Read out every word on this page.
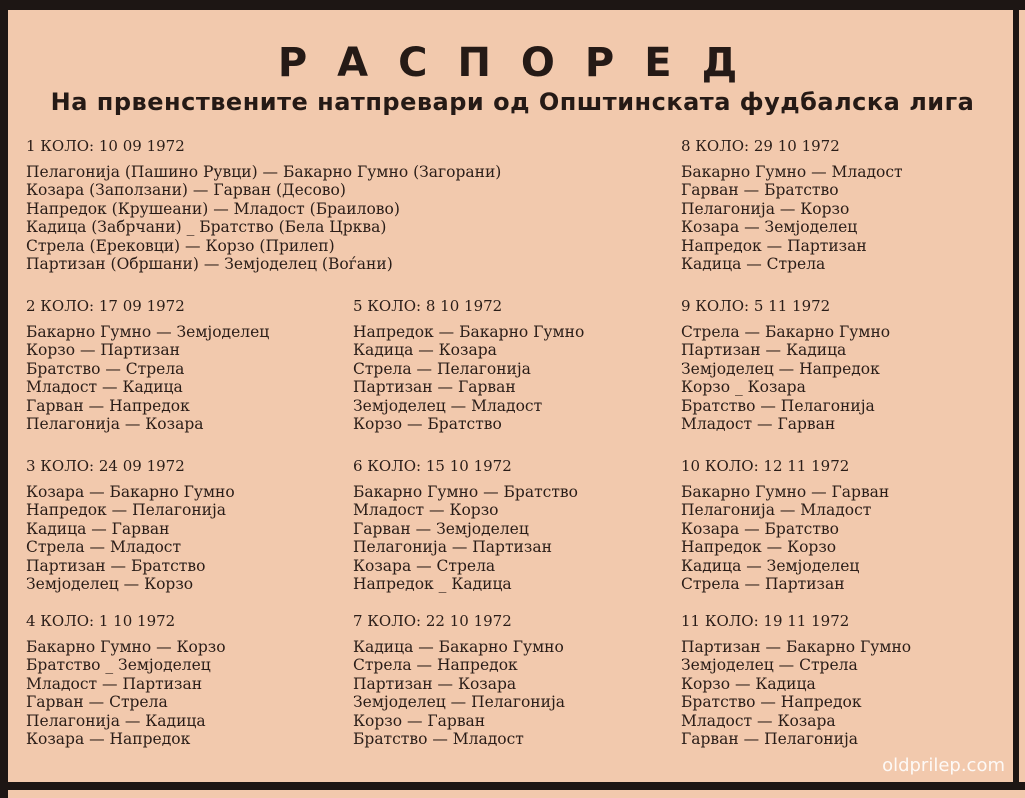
РАСПОРЕД
На првенствените натпревари од Општинската фудбалска лига
1 КОЛО: 10 09 1972
Пелагонија (Пашино Рувци) — Бакарно Гумно (Загорани)
Козара (Заползани) — Гарван (Десово)
Напредок (Крушеани) — Младост (Браилово)
Кадица (Забрчани) _ Братство (Бела Црква)
Стрела (Ерековци) — Корзо (Прилеп)
Партизан (Обршани) — Земјоделец (Воѓани)
2 КОЛО: 17 09 1972
Бакарно Гумно — Земјоделец
Корзо — Партизан
Братство — Стрела
Младост — Кадица
Гарван — Напредок
Пелагонија — Козара
3 КОЛО: 24 09 1972
Козара — Бакарно Гумно
Напредок — Пелагонија
Кадица — Гарван
Стрела — Младост
Партизан — Братство
Земјоделец — Корзо
4 КОЛО: 1 10 1972
Бакарно Гумно — Корзо
Братство _ Земјоделец
Младост — Партизан
Гарван — Стрела
Пелагонија — Кадица
Козара — Напредок
5 КОЛО: 8 10 1972
Напредок — Бакарно Гумно
Кадица — Козара
Стрела — Пелагонија
Партизан — Гарван
Земјоделец — Младост
Корзо — Братство
6 КОЛО: 15 10 1972
Бакарно Гумно — Братство
Младост — Корзо
Гарван — Земјоделец
Пелагонија — Партизан
Козара — Стрела
Напредок _ Кадица
7 КОЛО: 22 10 1972
Кадица — Бакарно Гумно
Стрела — Напредок
Партизан — Козара
Земјоделец — Пелагонија
Корзо — Гарван
Братство — Младост
8 КОЛО: 29 10 1972
Бакарно Гумно — Младост
Гарван — Братство
Пелагонија — Корзо
Козара — Земјоделец
Напредок — Партизан
Кадица — Стрела
9 КОЛО: 5 11 1972
Стрела — Бакарно Гумно
Партизан — Кадица
Земјоделец — Напредок
Корзо _ Козара
Братство — Пелагонија
Младост — Гарван
10 КОЛО: 12 11 1972
Бакарно Гумно — Гарван
Пелагонија — Младост
Козара — Братство
Напредок — Корзо
Кадица — Земјоделец
Стрела — Партизан
11 КОЛО: 19 11 1972
Партизан — Бакарно Гумно
Земјоделец — Стрела
Корзо — Кадица
Братство — Напредок
Младост — Козара
Гарван — Пелагонија
oldprilep.com
